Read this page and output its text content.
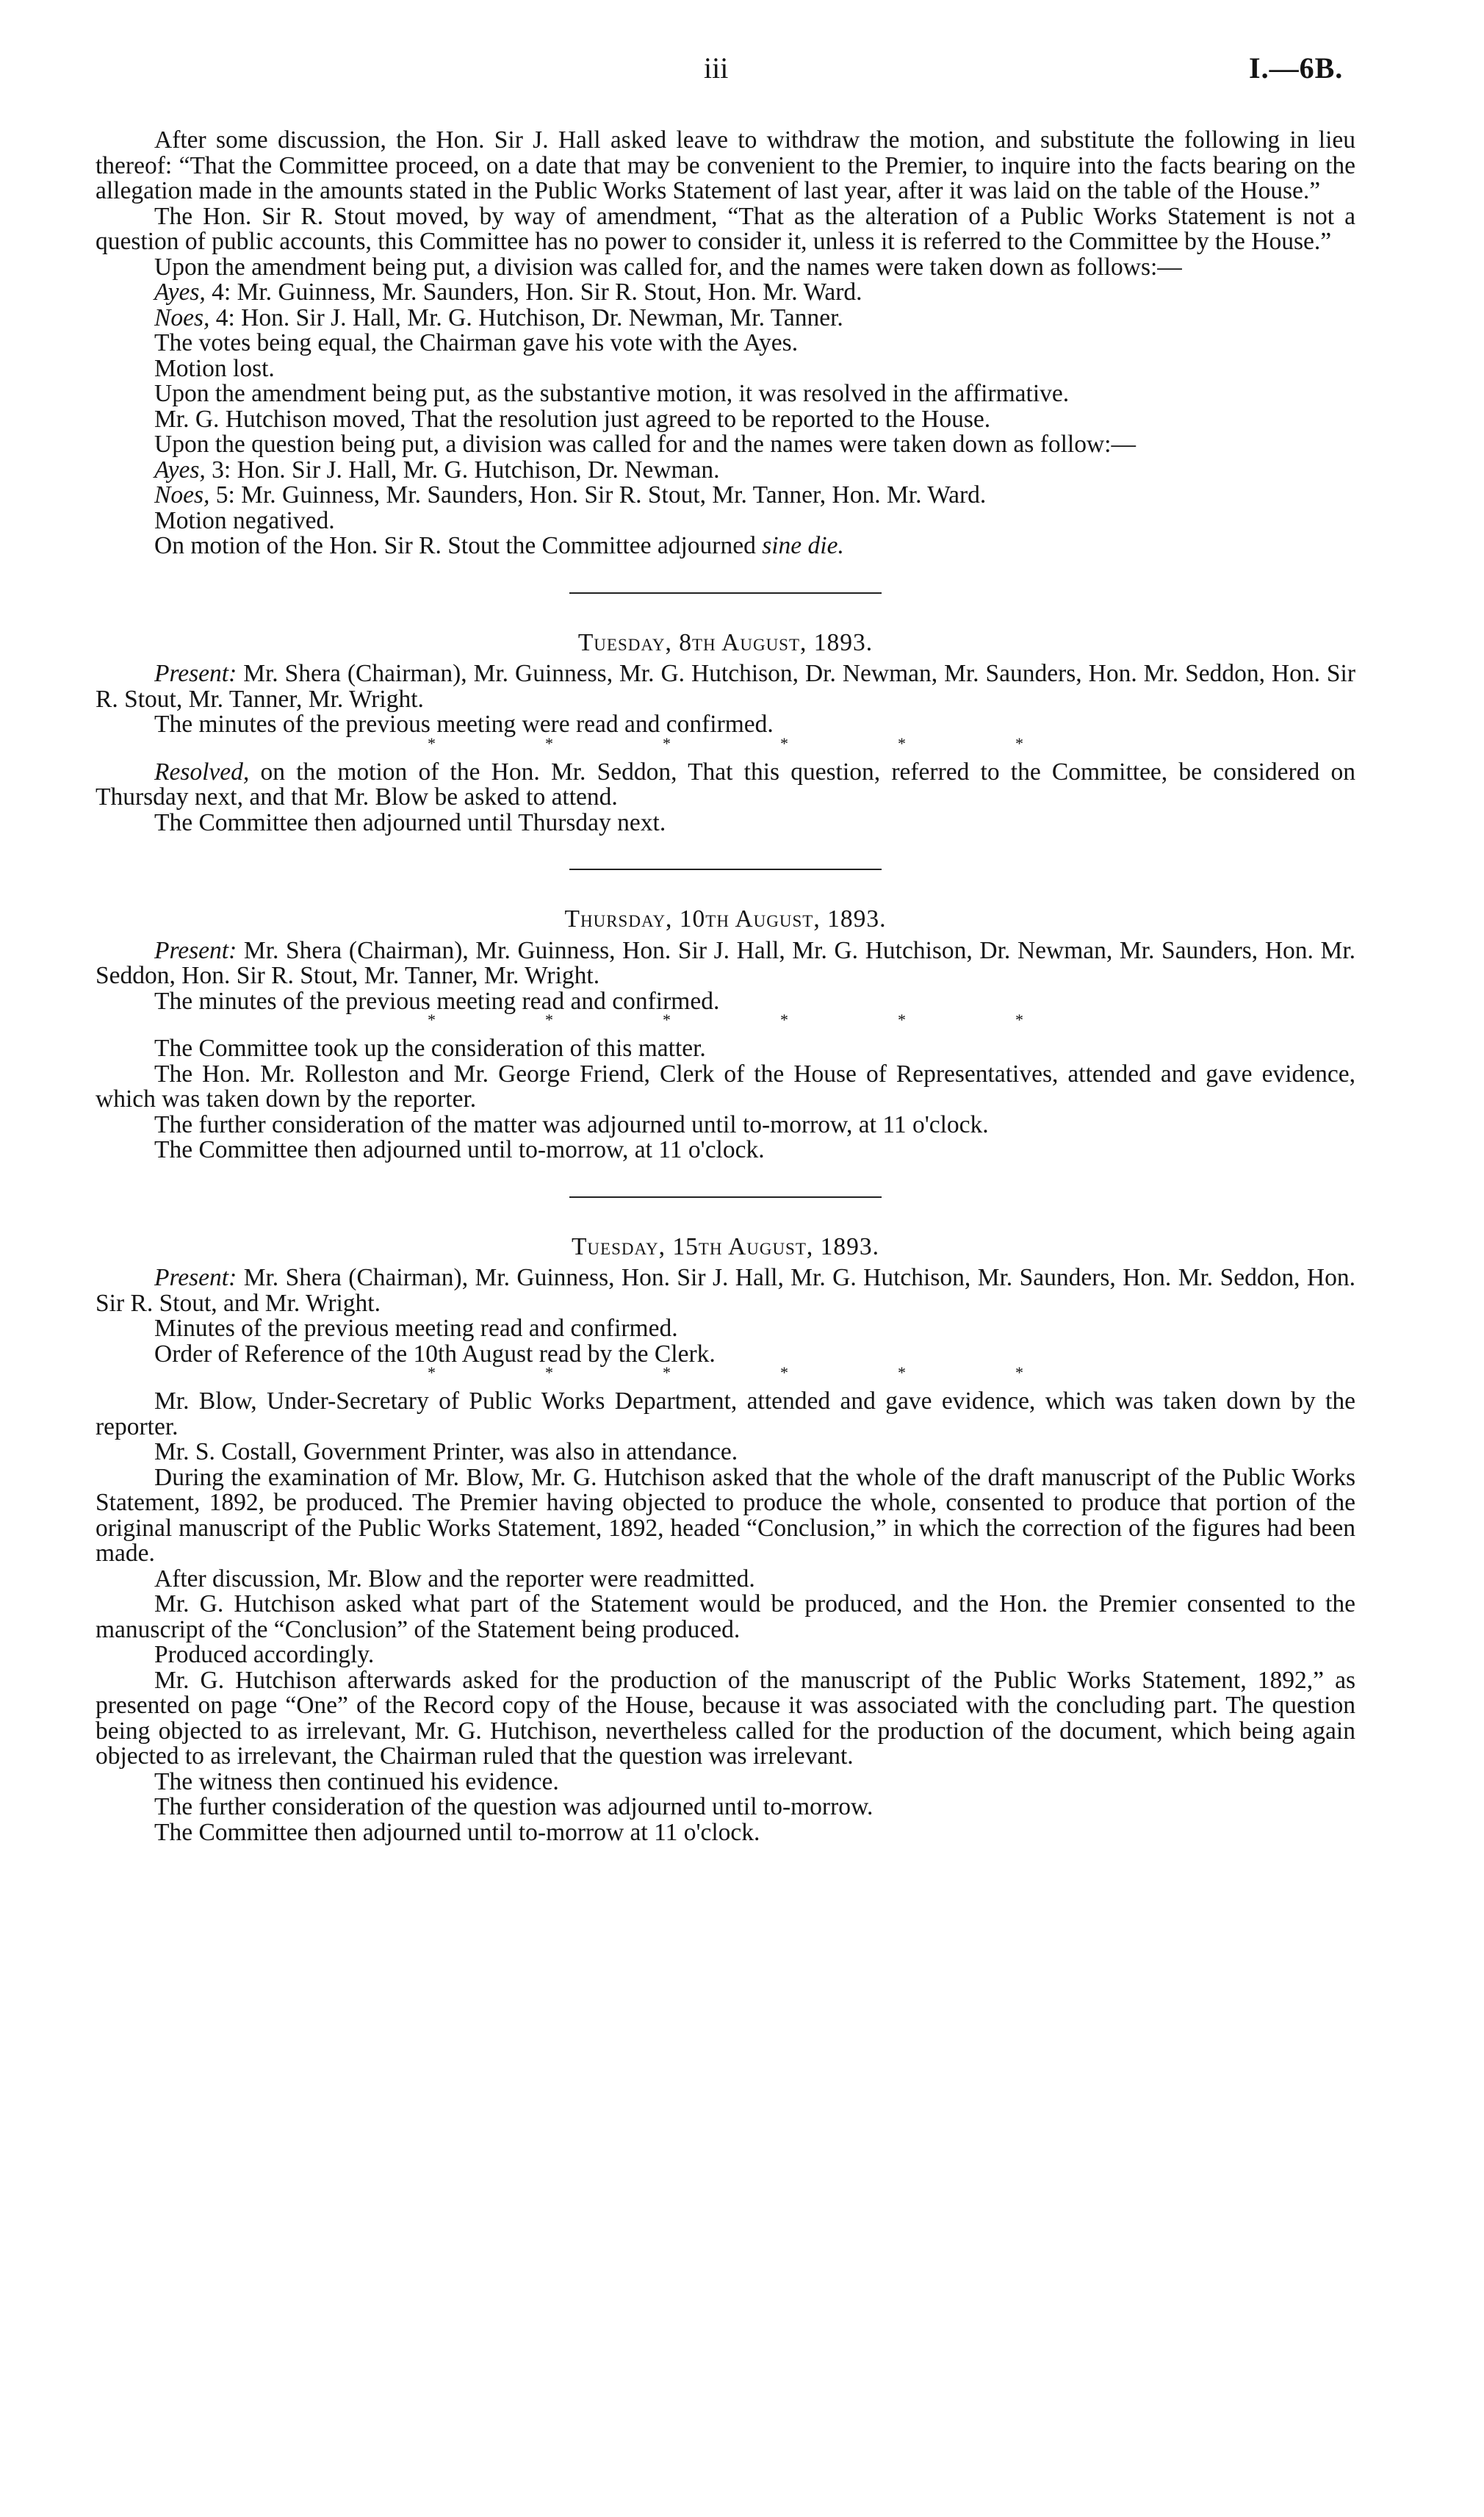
iii	I.—6B.

After some discussion, the Hon. Sir J. Hall asked leave to withdraw the motion, and substitute the following in lieu thereof: “That the Committee proceed, on a date that may be convenient to the Premier, to inquire into the facts bearing on the allegation made in the amounts stated in the Public Works Statement of last year, after it was laid on the table of the House.”

The Hon. Sir R. Stout moved, by way of amendment, “That as the alteration of a Public Works Statement is not a question of public accounts, this Committee has no power to consider it, unless it is referred to the Committee by the House.”

Upon the amendment being put, a division was called for, and the names were taken down as follows:—

Ayes, 4: Mr. Guinness, Mr. Saunders, Hon. Sir R. Stout, Hon. Mr. Ward.

Noes, 4: Hon. Sir J. Hall, Mr. G. Hutchison, Dr. Newman, Mr. Tanner.

The votes being equal, the Chairman gave his vote with the Ayes.

Motion lost.

Upon the amendment being put, as the substantive motion, it was resolved in the affirmative.

Mr. G. Hutchison moved, That the resolution just agreed to be reported to the House.

Upon the question being put, a division was called for and the names were taken down as follow:—

Ayes, 3: Hon. Sir J. Hall, Mr. G. Hutchison, Dr. Newman.

Noes, 5: Mr. Guinness, Mr. Saunders, Hon. Sir R. Stout, Mr. Tanner, Hon. Mr. Ward.

Motion negatived.

On motion of the Hon. Sir R. Stout the Committee adjourned sine die.

Tuesday, 8th August, 1893.

Present: Mr. Shera (Chairman), Mr. Guinness, Mr. G. Hutchison, Dr. Newman, Mr. Saunders, Hon. Mr. Seddon, Hon. Sir R. Stout, Mr. Tanner, Mr. Wright.

The minutes of the previous meeting were read and confirmed.

*	*	*	*	*	*

Resolved, on the motion of the Hon. Mr. Seddon, That this question, referred to the Committee, be considered on Thursday next, and that Mr. Blow be asked to attend.

The Committee then adjourned until Thursday next.

Thursday, 10th August, 1893.

Present: Mr. Shera (Chairman), Mr. Guinness, Hon. Sir J. Hall, Mr. G. Hutchison, Dr. Newman, Mr. Saunders, Hon. Mr. Seddon, Hon. Sir R. Stout, Mr. Tanner, Mr. Wright.

The minutes of the previous meeting read and confirmed.

*	*	*	*	*	*

The Committee took up the consideration of this matter.

The Hon. Mr. Rolleston and Mr. George Friend, Clerk of the House of Representatives, attended and gave evidence, which was taken down by the reporter.

The further consideration of the matter was adjourned until to-morrow, at 11 o'clock.

The Committee then adjourned until to-morrow, at 11 o'clock.

Tuesday, 15th August, 1893.

Present: Mr. Shera (Chairman), Mr. Guinness, Hon. Sir J. Hall, Mr. G. Hutchison, Mr. Saunders, Hon. Mr. Seddon, Hon. Sir R. Stout, and Mr. Wright.

Minutes of the previous meeting read and confirmed.

Order of Reference of the 10th August read by the Clerk.

*	*	*	*	*	*

Mr. Blow, Under-Secretary of Public Works Department, attended and gave evidence, which was taken down by the reporter.

Mr. S. Costall, Government Printer, was also in attendance.

During the examination of Mr. Blow, Mr. G. Hutchison asked that the whole of the draft manuscript of the Public Works Statement, 1892, be produced. The Premier having objected to produce the whole, consented to produce that portion of the original manuscript of the Public Works Statement, 1892, headed “Conclusion,” in which the correction of the figures had been made.

After discussion, Mr. Blow and the reporter were readmitted.

Mr. G. Hutchison asked what part of the Statement would be produced, and the Hon. the Premier consented to the manuscript of the “Conclusion” of the Statement being produced.

Produced accordingly.

Mr. G. Hutchison afterwards asked for the production of the manuscript of the Public Works Statement, 1892,” as presented on page “One” of the Record copy of the House, because it was associated with the concluding part. The question being objected to as irrelevant, Mr. G. Hutchison, nevertheless called for the production of the document, which being again objected to as irrelevant, the Chairman ruled that the question was irrelevant.

The witness then continued his evidence.

The further consideration of the question was adjourned until to-morrow.

The Committee then adjourned until to-morrow at 11 o'clock.
